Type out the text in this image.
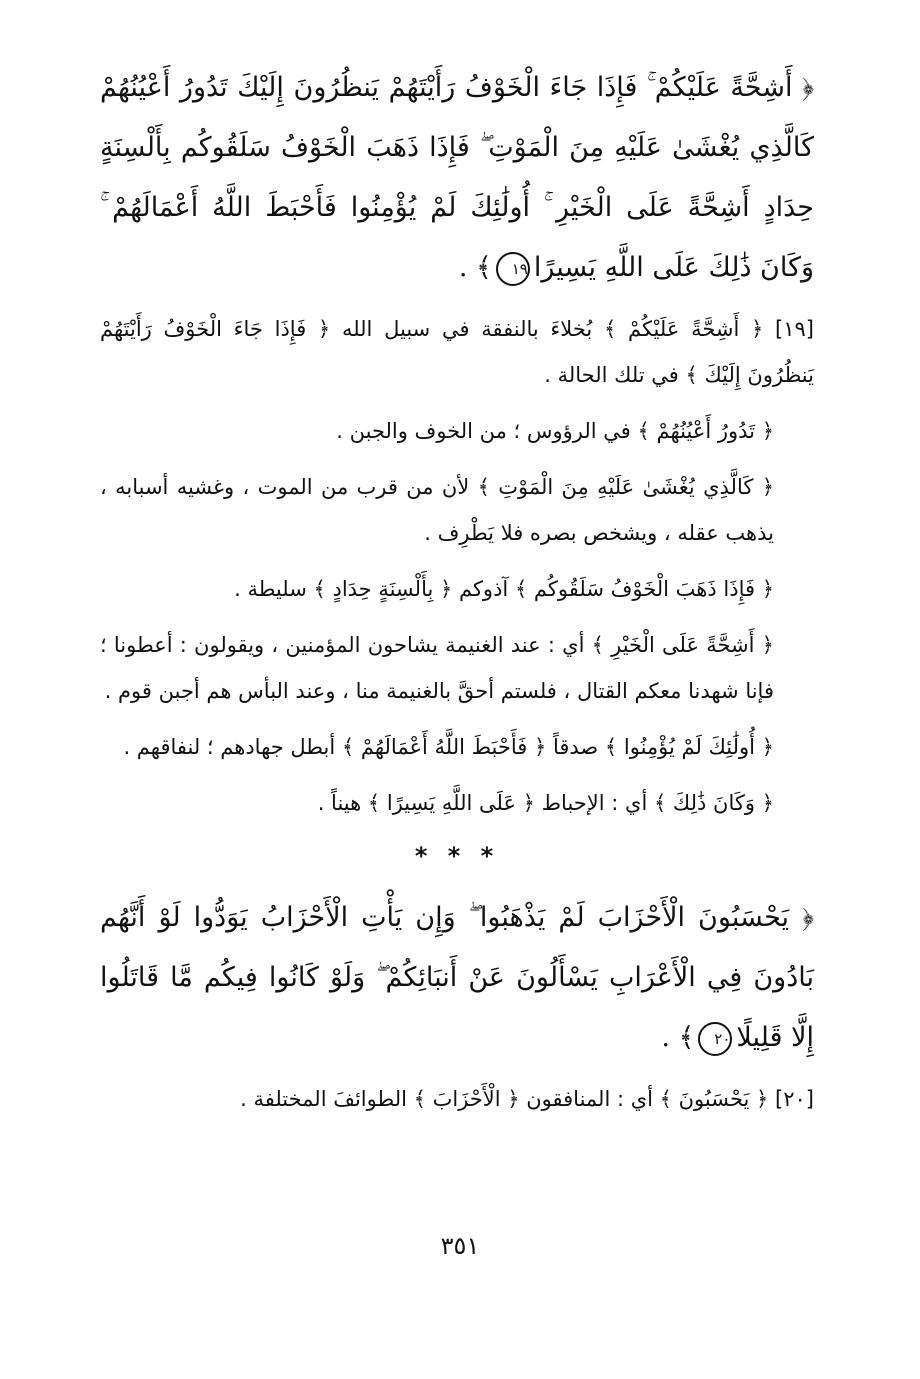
﴿ أَشِحَّةً عَلَيْكُمْ ۚ فَإِذَا جَاءَ الْخَوْفُ رَأَيْتَهُمْ يَنظُرُونَ إِلَيْكَ تَدُورُ أَعْيُنُهُمْ كَالَّذِي يُغْشَىٰ عَلَيْهِ مِنَ الْمَوْتِ ۖ فَإِذَا ذَهَبَ الْخَوْفُ سَلَقُوكُم بِأَلْسِنَةٍ حِدَادٍ أَشِحَّةً عَلَى الْخَيْرِ ۚ أُولَٰئِكَ لَمْ يُؤْمِنُوا فَأَحْبَطَ اللَّهُ أَعْمَالَهُمْ ۚ وَكَانَ ذَٰلِكَ عَلَى اللَّهِ يَسِيرًا١٩﴾ .

[١٩] ﴿ أَشِحَّةً عَلَيْكُمْ ﴾ بُخلاءَ بالنفقة في سبيل الله ﴿ فَإِذَا جَاءَ الْخَوْفُ رَأَيْتَهُمْ يَنظُرُونَ إِلَيْكَ ﴾ في تلك الحالة .

﴿ تَدُورُ أَعْيُنُهُمْ ﴾ في الرؤوس ؛ من الخوف والجبن .

﴿ كَالَّذِي يُغْشَىٰ عَلَيْهِ مِنَ الْمَوْتِ ﴾ لأن من قرب من الموت ، وغشيه أسبابه ، يذهب عقله ، ويشخص بصره فلا يَطْرِف .

﴿ فَإِذَا ذَهَبَ الْخَوْفُ سَلَقُوكُم ﴾ آذوكم ﴿ بِأَلْسِنَةٍ حِدَادٍ ﴾ سليطة .

﴿ أَشِحَّةً عَلَى الْخَيْرِ ﴾ أي : عند الغنيمة يشاحون المؤمنين ، ويقولون : أعطونا ؛ فإنا شهدنا معكم القتال ، فلستم أحقَّ بالغنيمة منا ، وعند البأس هم أجبن قوم .

﴿ أُولَٰئِكَ لَمْ يُؤْمِنُوا ﴾ صدقاً ﴿ فَأَحْبَطَ اللَّهُ أَعْمَالَهُمْ ﴾ أبطل جهادهم ؛ لنفاقهم .

﴿ وَكَانَ ذَٰلِكَ ﴾ أي : الإحباط ﴿ عَلَى اللَّهِ يَسِيرًا ﴾ هيناً .

* * *

﴿ يَحْسَبُونَ الْأَحْزَابَ لَمْ يَذْهَبُوا ۖ وَإِن يَأْتِ الْأَحْزَابُ يَوَدُّوا لَوْ أَنَّهُم بَادُونَ فِي الْأَعْرَابِ يَسْأَلُونَ عَنْ أَنبَائِكُمْ ۖ وَلَوْ كَانُوا فِيكُم مَّا قَاتَلُوا إِلَّا قَلِيلًا٢٠﴾ .

[٢٠] ﴿ يَحْسَبُونَ ﴾ أي : المنافقون ﴿ الْأَحْزَابَ ﴾ الطوائفَ المختلفة .

٣٥١
